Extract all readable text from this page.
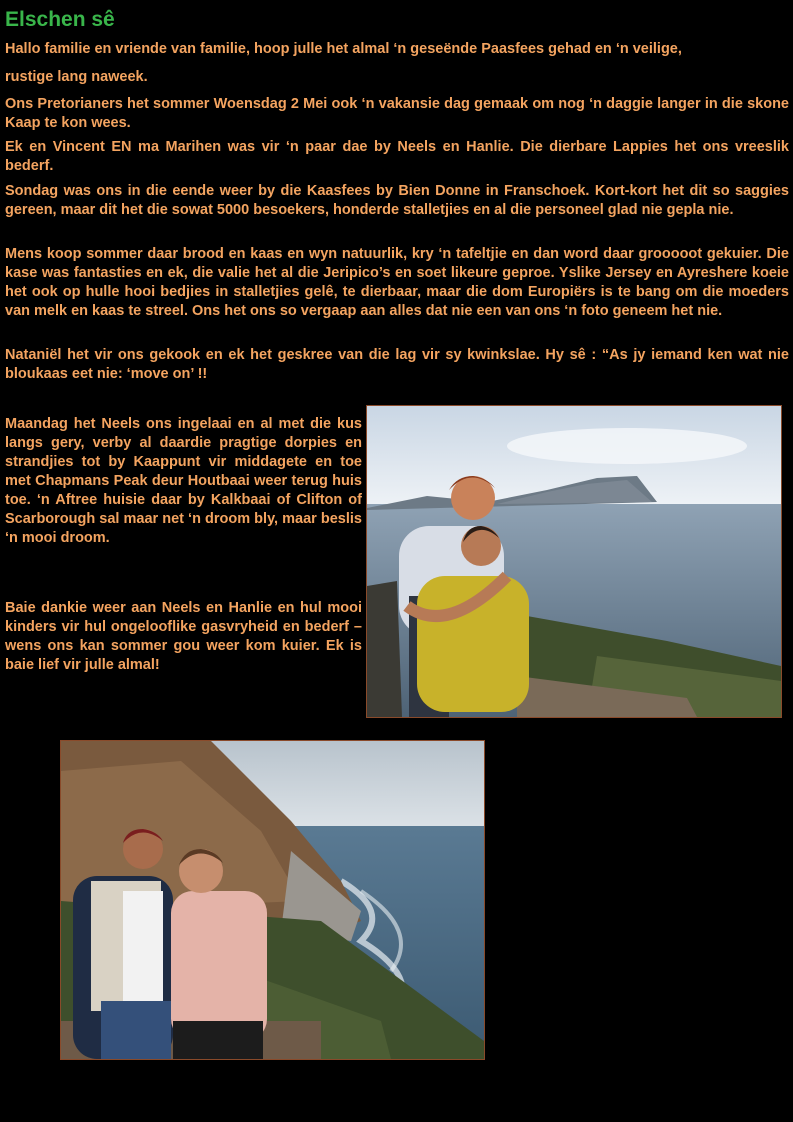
Elschen sê

Hallo familie en vriende van familie, hoop julle het almal ‘n geseënde Paasfees gehad en ‘n veilige,

rustige lang naweek.

Ons Pretorianers het sommer Woensdag 2 Mei ook ‘n vakansie dag gemaak om nog ‘n daggie langer in die skone Kaap te kon wees.

Ek en Vincent EN ma Marihen was vir ‘n paar dae by Neels en Hanlie. Die dierbare Lappies het ons vreeslik bederf.

Sondag was ons in die eende weer by die Kaasfees by Bien Donne in Franschoek. Kort-kort het dit so saggies gereen, maar dit het die sowat 5000 besoekers, honderde stalletjies en al die personeel glad nie gepla nie.

Mens koop sommer daar brood en kaas en wyn natuurlik, kry ‘n tafeltjie en dan word daar grooooot gekuier. Die kase was fantasties en ek, die valie het al die Jeripico’s en soet likeure geproe. Yslike Jersey en Ayreshere koeie het ook op hulle hooi bedjies in stalletjies gelê, te dierbaar, maar die dom Europiërs is te bang om die moeders van melk en kaas te streel. Ons het ons so vergaap aan alles dat nie een van ons ‘n foto geneem het nie.

Nataniël het vir ons gekook en ek het geskree van die lag vir sy kwinkslae. Hy sê : “As jy iemand ken wat nie bloukaas eet nie: ‘move on’ !!

Maandag het Neels ons ingelaai en al met die kus langs gery, verby al daardie pragtige dorpies en strandjies tot by Kaappunt vir middagete en toe met Chapmans Peak deur Houtbaai weer terug huis toe. ‘n Aftree huisie daar by Kalkbaai of Clifton of Scarborough sal maar net ‘n droom bly, maar beslis ‘n mooi droom.

Baie dankie weer aan Neels en Hanlie en hul mooi kinders vir hul ongelooflike gasvryheid en bederf – wens ons kan sommer gou weer kom kuier. Ek is baie lief vir julle almal!
